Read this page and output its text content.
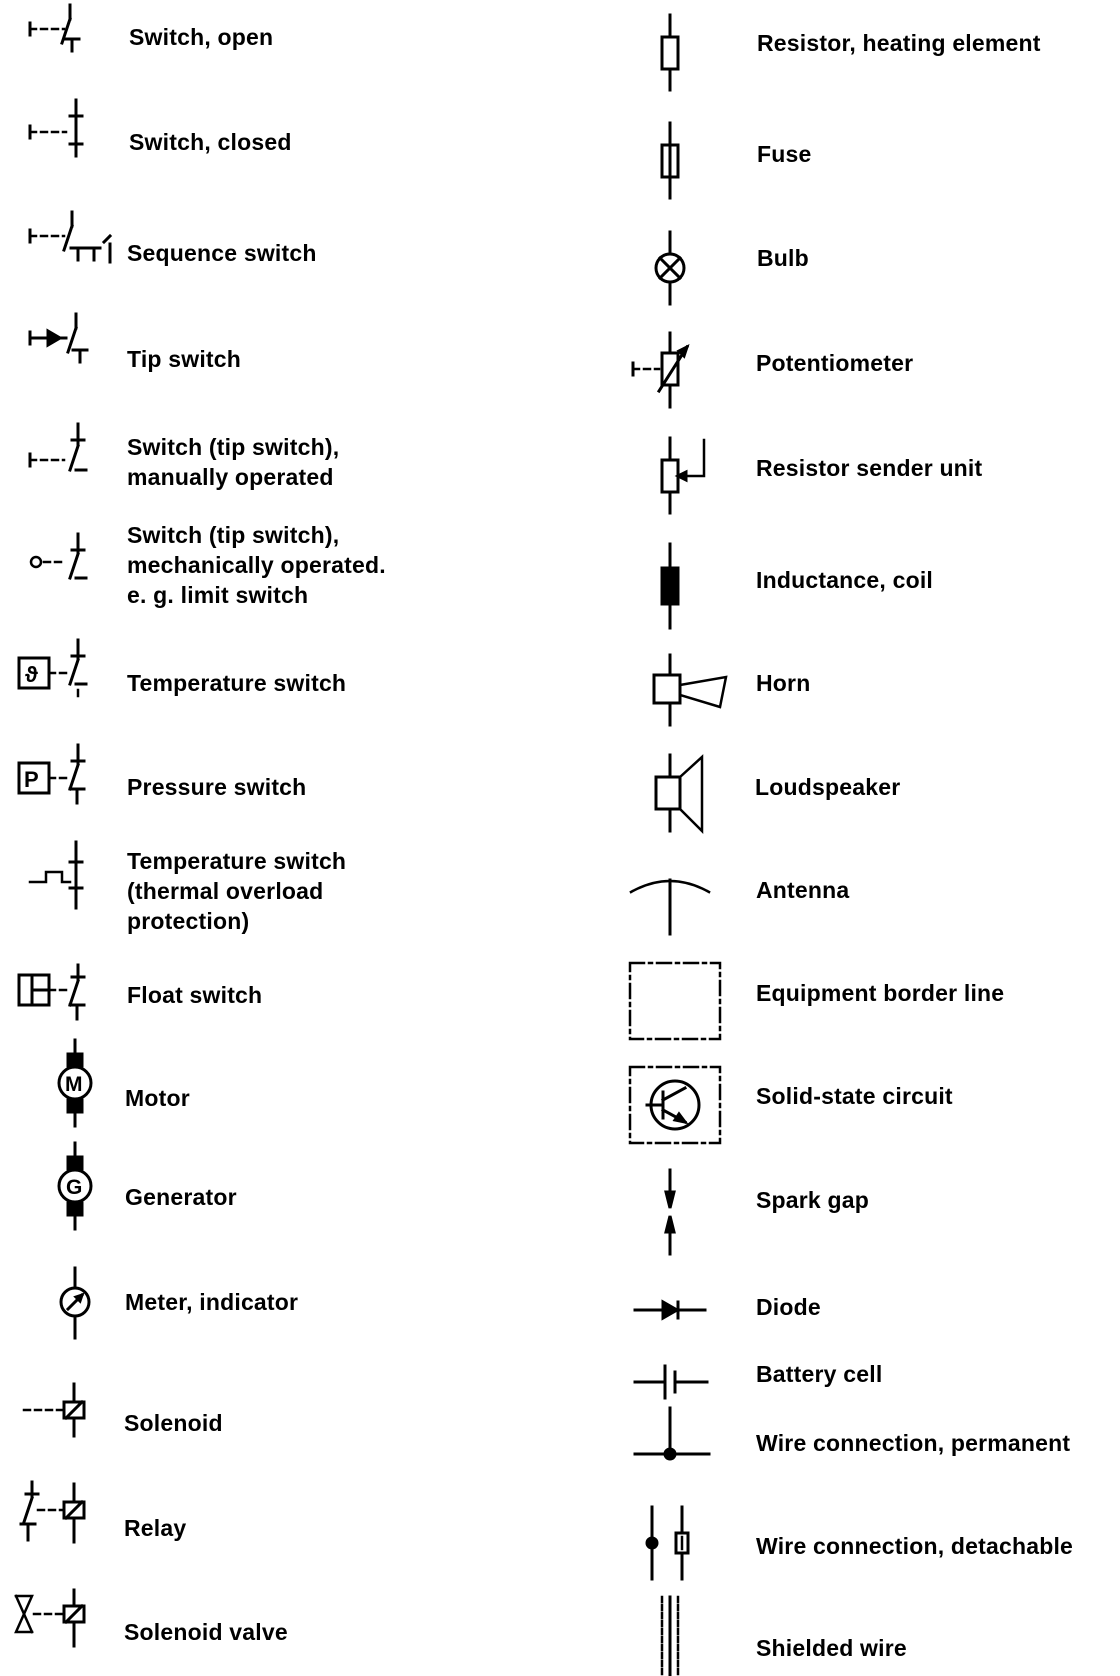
Switch, open
Switch, closed
Sequence switch
Tip switch
Switch (tip switch),
manually operated
Switch (tip switch),
mechanically operated.
e. g. limit switch
ϑ	Temperature switch
P	Pressure switch
Temperature switch
(thermal overload
protection)
Float switch
M
Motor
G Generator
Meter, indicator
Solenoid
Relay
Solenoid valve
Resistor, heating element
Fuse
Bulb
Potentiometer
Resistor sender unit
Inductance, coil
Horn
Loudspeaker
Antenna
Equipment border line
Solid-state circuit
Spark gap
Diode
Battery cell
Wire connection, permanent
Wire connection, detachable
Shielded wire
